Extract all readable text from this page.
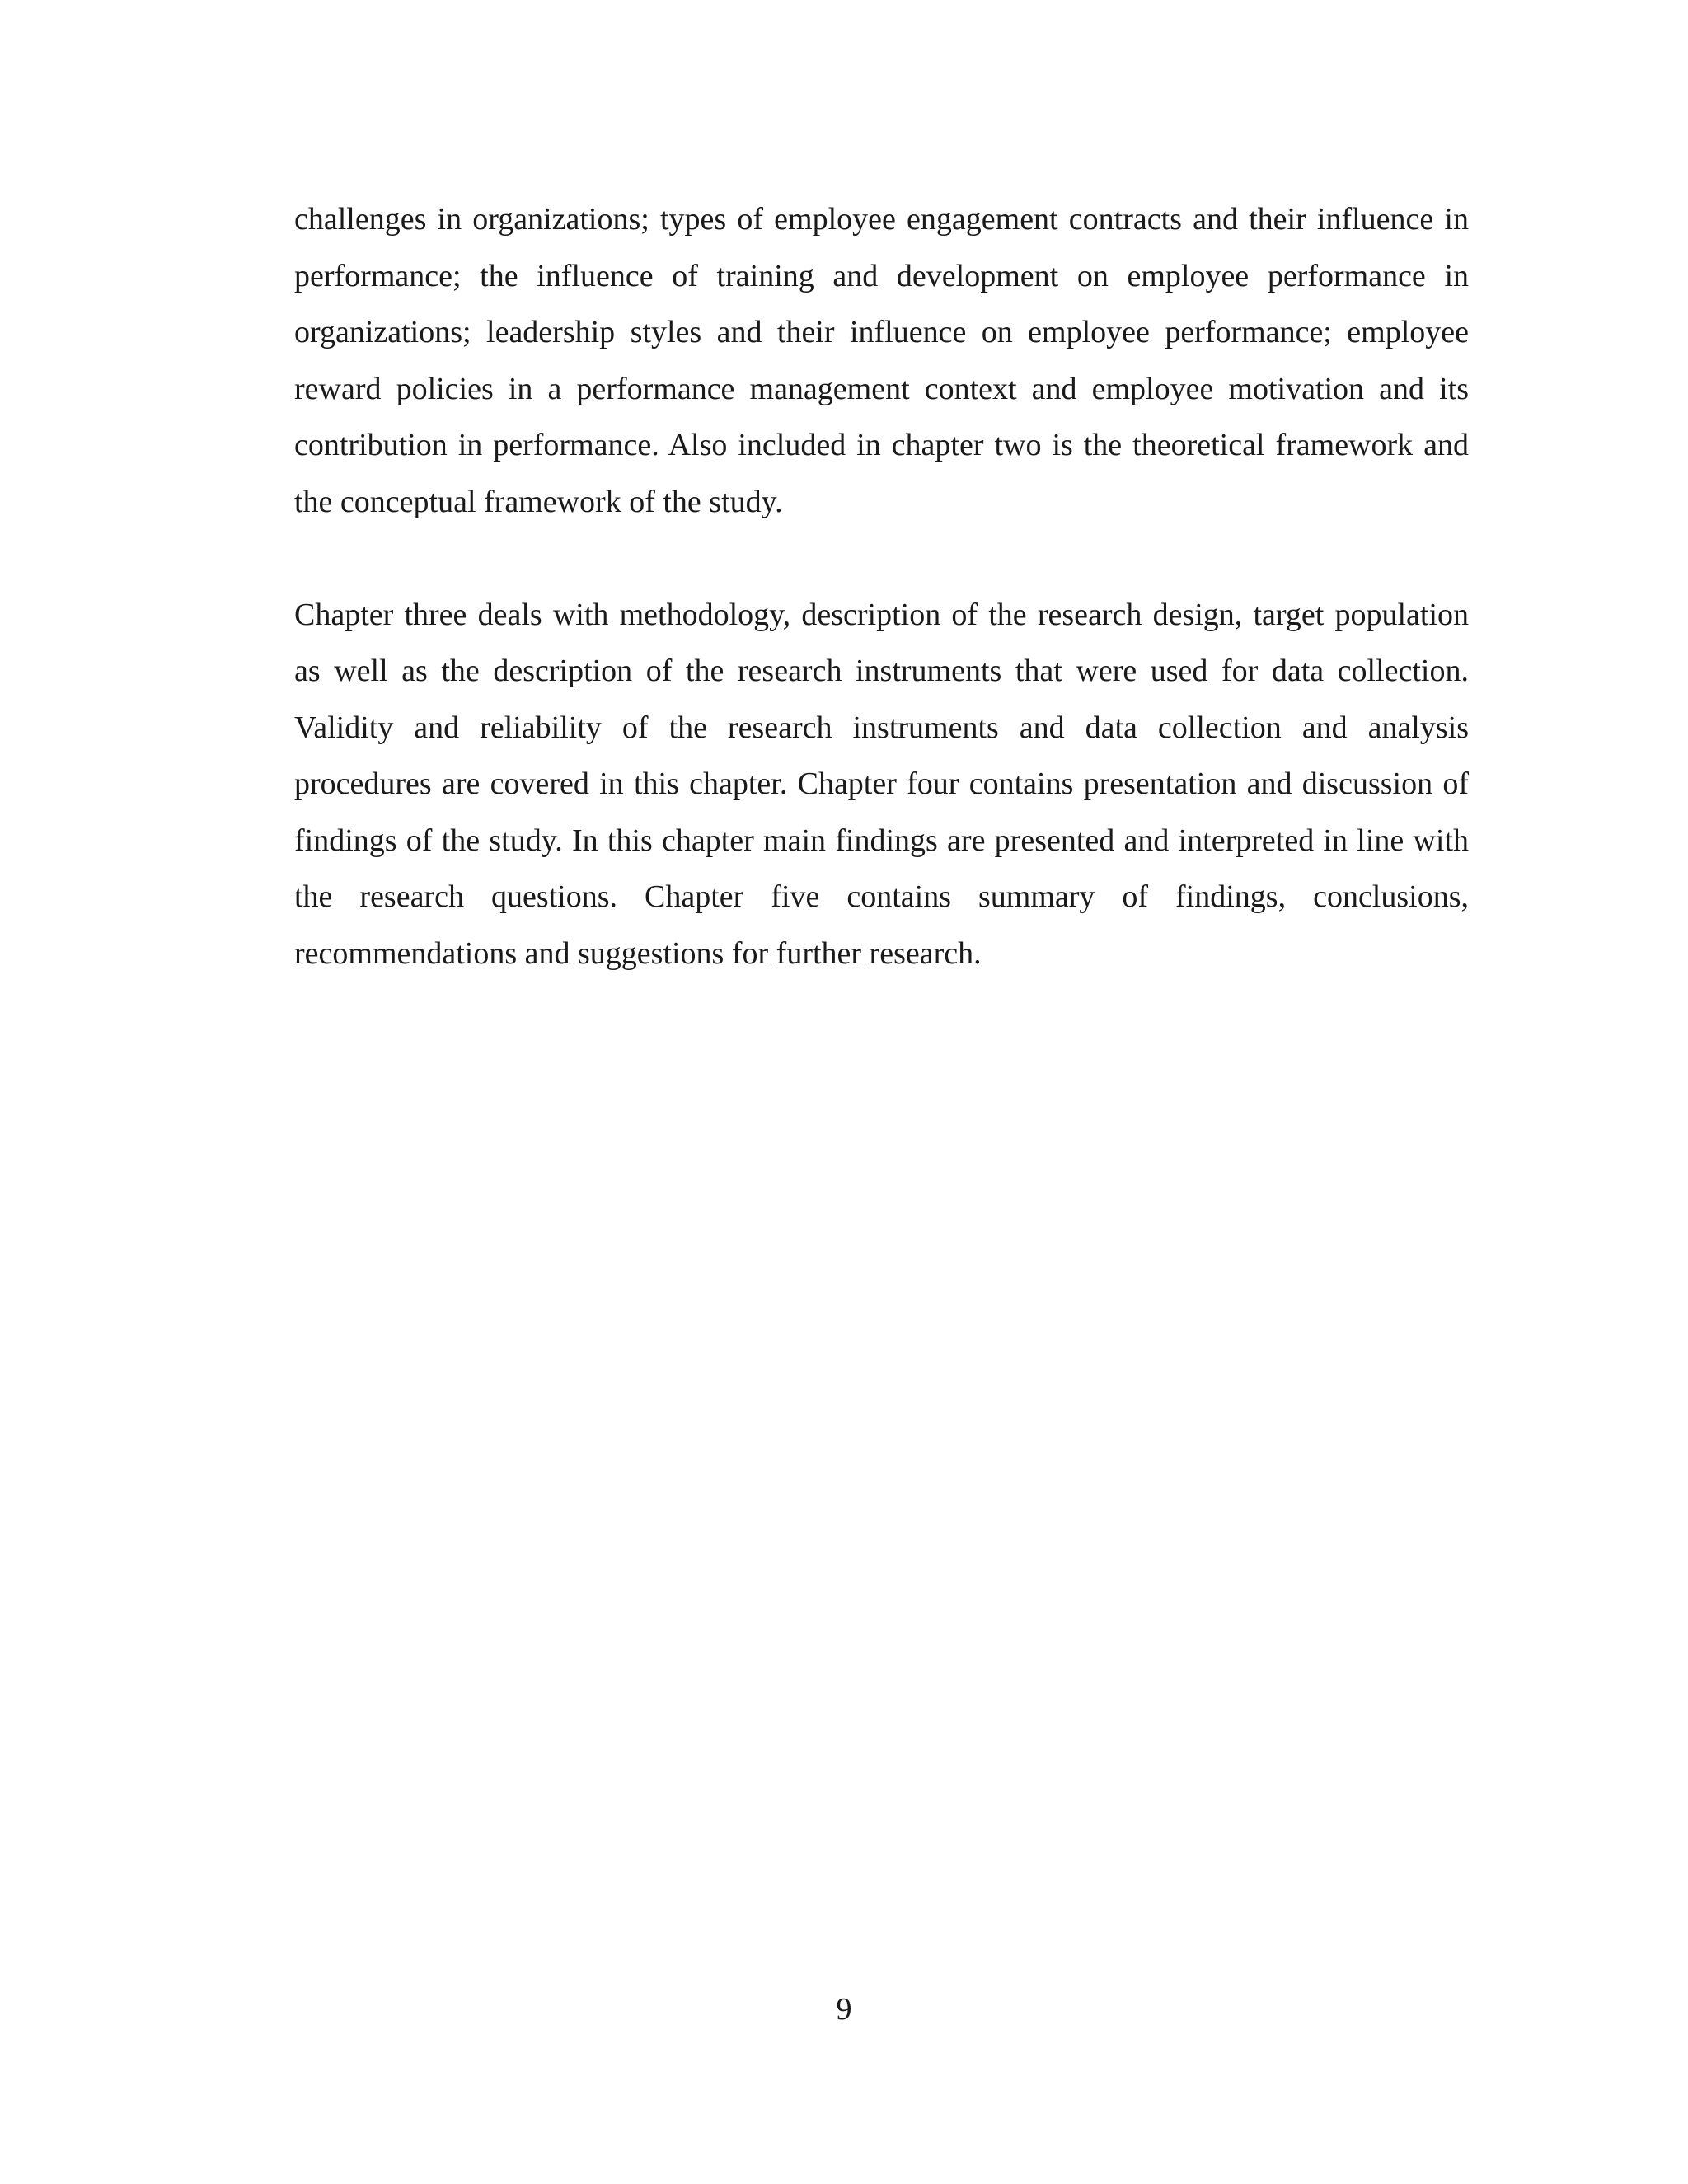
challenges in organizations; types of employee engagement contracts and their influence in performance; the influence of training and development on employee performance in organizations; leadership styles and their influence on employee performance; employee reward policies in a performance management context and employee motivation and its contribution in performance. Also included in chapter two is the theoretical framework and the conceptual framework of the study.

Chapter three deals with methodology, description of the research design, target population as well as the description of the research instruments that were used for data collection. Validity and reliability of the research instruments and data collection and analysis procedures are covered in this chapter. Chapter four contains presentation and discussion of findings of the study. In this chapter main findings are presented and interpreted in line with the research questions. Chapter five contains summary of findings, conclusions, recommendations and suggestions for further research.

9
